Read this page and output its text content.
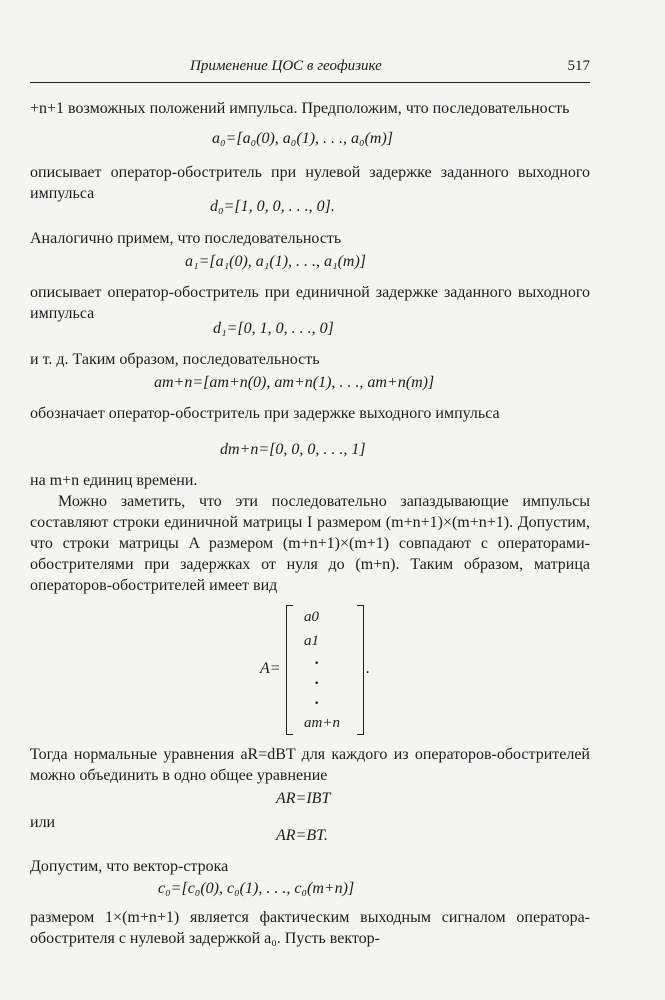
Применение ЦОС в геофизике	517
+n+1 возможных положений импульса. Предположим, что последовательность
a₀=[a₀(0), a₀(1), . . ., a₀(m)]
описывает оператор-обостритель при нулевой задержке заданного выходного импульса
d₀=[1, 0, 0, . . ., 0].
Аналогично примем, что последовательность
a₁=[a₁(0), a₁(1), . . ., a₁(m)]
описывает оператор-обостритель при единичной задержке заданного выходного импульса
d₁=[0, 1, 0, . . ., 0]
и т. д. Таким образом, последовательность
am+n=[am+n(0), am+n(1), . . ., am+n(m)]
обозначает оператор-обостритель при задержке выходного импульса
dm+n=[0, 0, 0, . . ., 1]
на m+n единиц времени.
Можно заметить, что эти последовательно запаздывающие импульсы составляют строки единичной матрицы I размером (m+n+1)×(m+n+1). Допустим, что строки матрицы A размером (m+n+1)×(m+1) совпадают с операторами-обострителями при задержках от нуля до (m+n). Таким образом, матрица операторов-обострителей имеет вид
A=
a0
a1
·
·
·
am+n
.
Тогда нормальные уравнения aR=dBT для каждого из операторов-обострителей можно объединить в одно общее уравнение
AR=IBT
или
AR=BT.
Допустим, что вектор-строка
c₀=[c₀(0), c₀(1), . . ., c₀(m+n)]
размером 1×(m+n+1) является фактическим выходным сигналом оператора-обострителя с нулевой задержкой a₀. Пусть вектор-
